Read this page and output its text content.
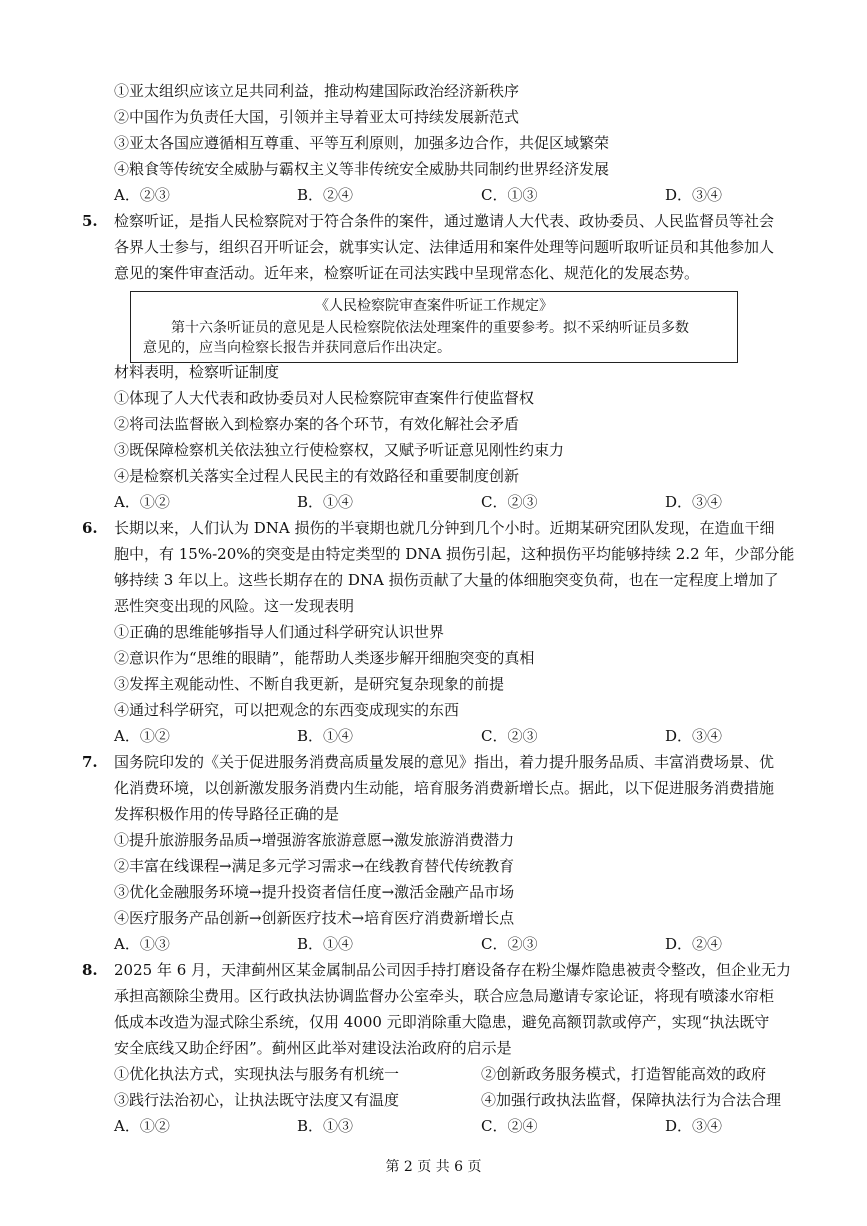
①亚太组织应该立足共同利益，推动构建国际政治经济新秩序
②中国作为负责任大国，引领并主导着亚太可持续发展新范式
③亚太各国应遵循相互尊重、平等互利原则，加强多边合作，共促区域繁荣
④粮食等传统安全威胁与霸权主义等非传统安全威胁共同制约世界经济发展
A．②③	B．②④	C．①③	D．③④
5. 检察听证，是指人民检察院对于符合条件的案件，通过邀请人大代表、政协委员、人民监督员等社会
各界人士参与，组织召开听证会，就事实认定、法律适用和案件处理等问题听取听证员和其他参加人
意见的案件审查活动。近年来，检察听证在司法实践中呈现常态化、规范化的发展态势。
《人民检察院审查案件听证工作规定》
第十六条听证员的意见是人民检察院依法处理案件的重要参考。拟不采纳听证员多数
意见的，应当向检察长报告并获同意后作出决定。
材料表明，检察听证制度
①体现了人大代表和政协委员对人民检察院审查案件行使监督权
②将司法监督嵌入到检察办案的各个环节，有效化解社会矛盾
③既保障检察机关依法独立行使检察权，又赋予听证意见刚性约束力
④是检察机关落实全过程人民民主的有效路径和重要制度创新
A．①②	B．①④	C．②③	D．③④
6. 长期以来，人们认为 DNA 损伤的半衰期也就几分钟到几个小时。近期某研究团队发现，在造血干细
胞中，有 15%-20%的突变是由特定类型的 DNA 损伤引起，这种损伤平均能够持续 2.2 年，少部分能
够持续 3 年以上。这些长期存在的 DNA 损伤贡献了大量的体细胞突变负荷，也在一定程度上增加了
恶性突变出现的风险。这一发现表明
①正确的思维能够指导人们通过科学研究认识世界
②意识作为“思维的眼睛”，能帮助人类逐步解开细胞突变的真相
③发挥主观能动性、不断自我更新，是研究复杂现象的前提
④通过科学研究，可以把观念的东西变成现实的东西
A．①②	B．①④	C．②③	D．③④
7. 国务院印发的《关于促进服务消费高质量发展的意见》指出，着力提升服务品质、丰富消费场景、优
化消费环境，以创新激发服务消费内生动能，培育服务消费新增长点。据此，以下促进服务消费措施
发挥积极作用的传导路径正确的是
①提升旅游服务品质→增强游客旅游意愿→激发旅游消费潜力
②丰富在线课程→满足多元学习需求→在线教育替代传统教育
③优化金融服务环境→提升投资者信任度→激活金融产品市场
④医疗服务产品创新→创新医疗技术→培育医疗消费新增长点
A．①③	B．①④	C．②③	D．②④
8. 2025 年 6 月，天津蓟州区某金属制品公司因手持打磨设备存在粉尘爆炸隐患被责令整改，但企业无力
承担高额除尘费用。区行政执法协调监督办公室牵头，联合应急局邀请专家论证，将现有喷漆水帘柜
低成本改造为湿式除尘系统，仅用 4000 元即消除重大隐患，避免高额罚款或停产，实现“执法既守
安全底线又助企纾困”。蓟州区此举对建设法治政府的启示是
①优化执法方式，实现执法与服务有机统一	②创新政务服务模式，打造智能高效的政府
③践行法治初心，让执法既守法度又有温度	④加强行政执法监督，保障执法行为合法合理
A．①②	B．①③	C．②④	D．③④
第 2 页 共 6 页
